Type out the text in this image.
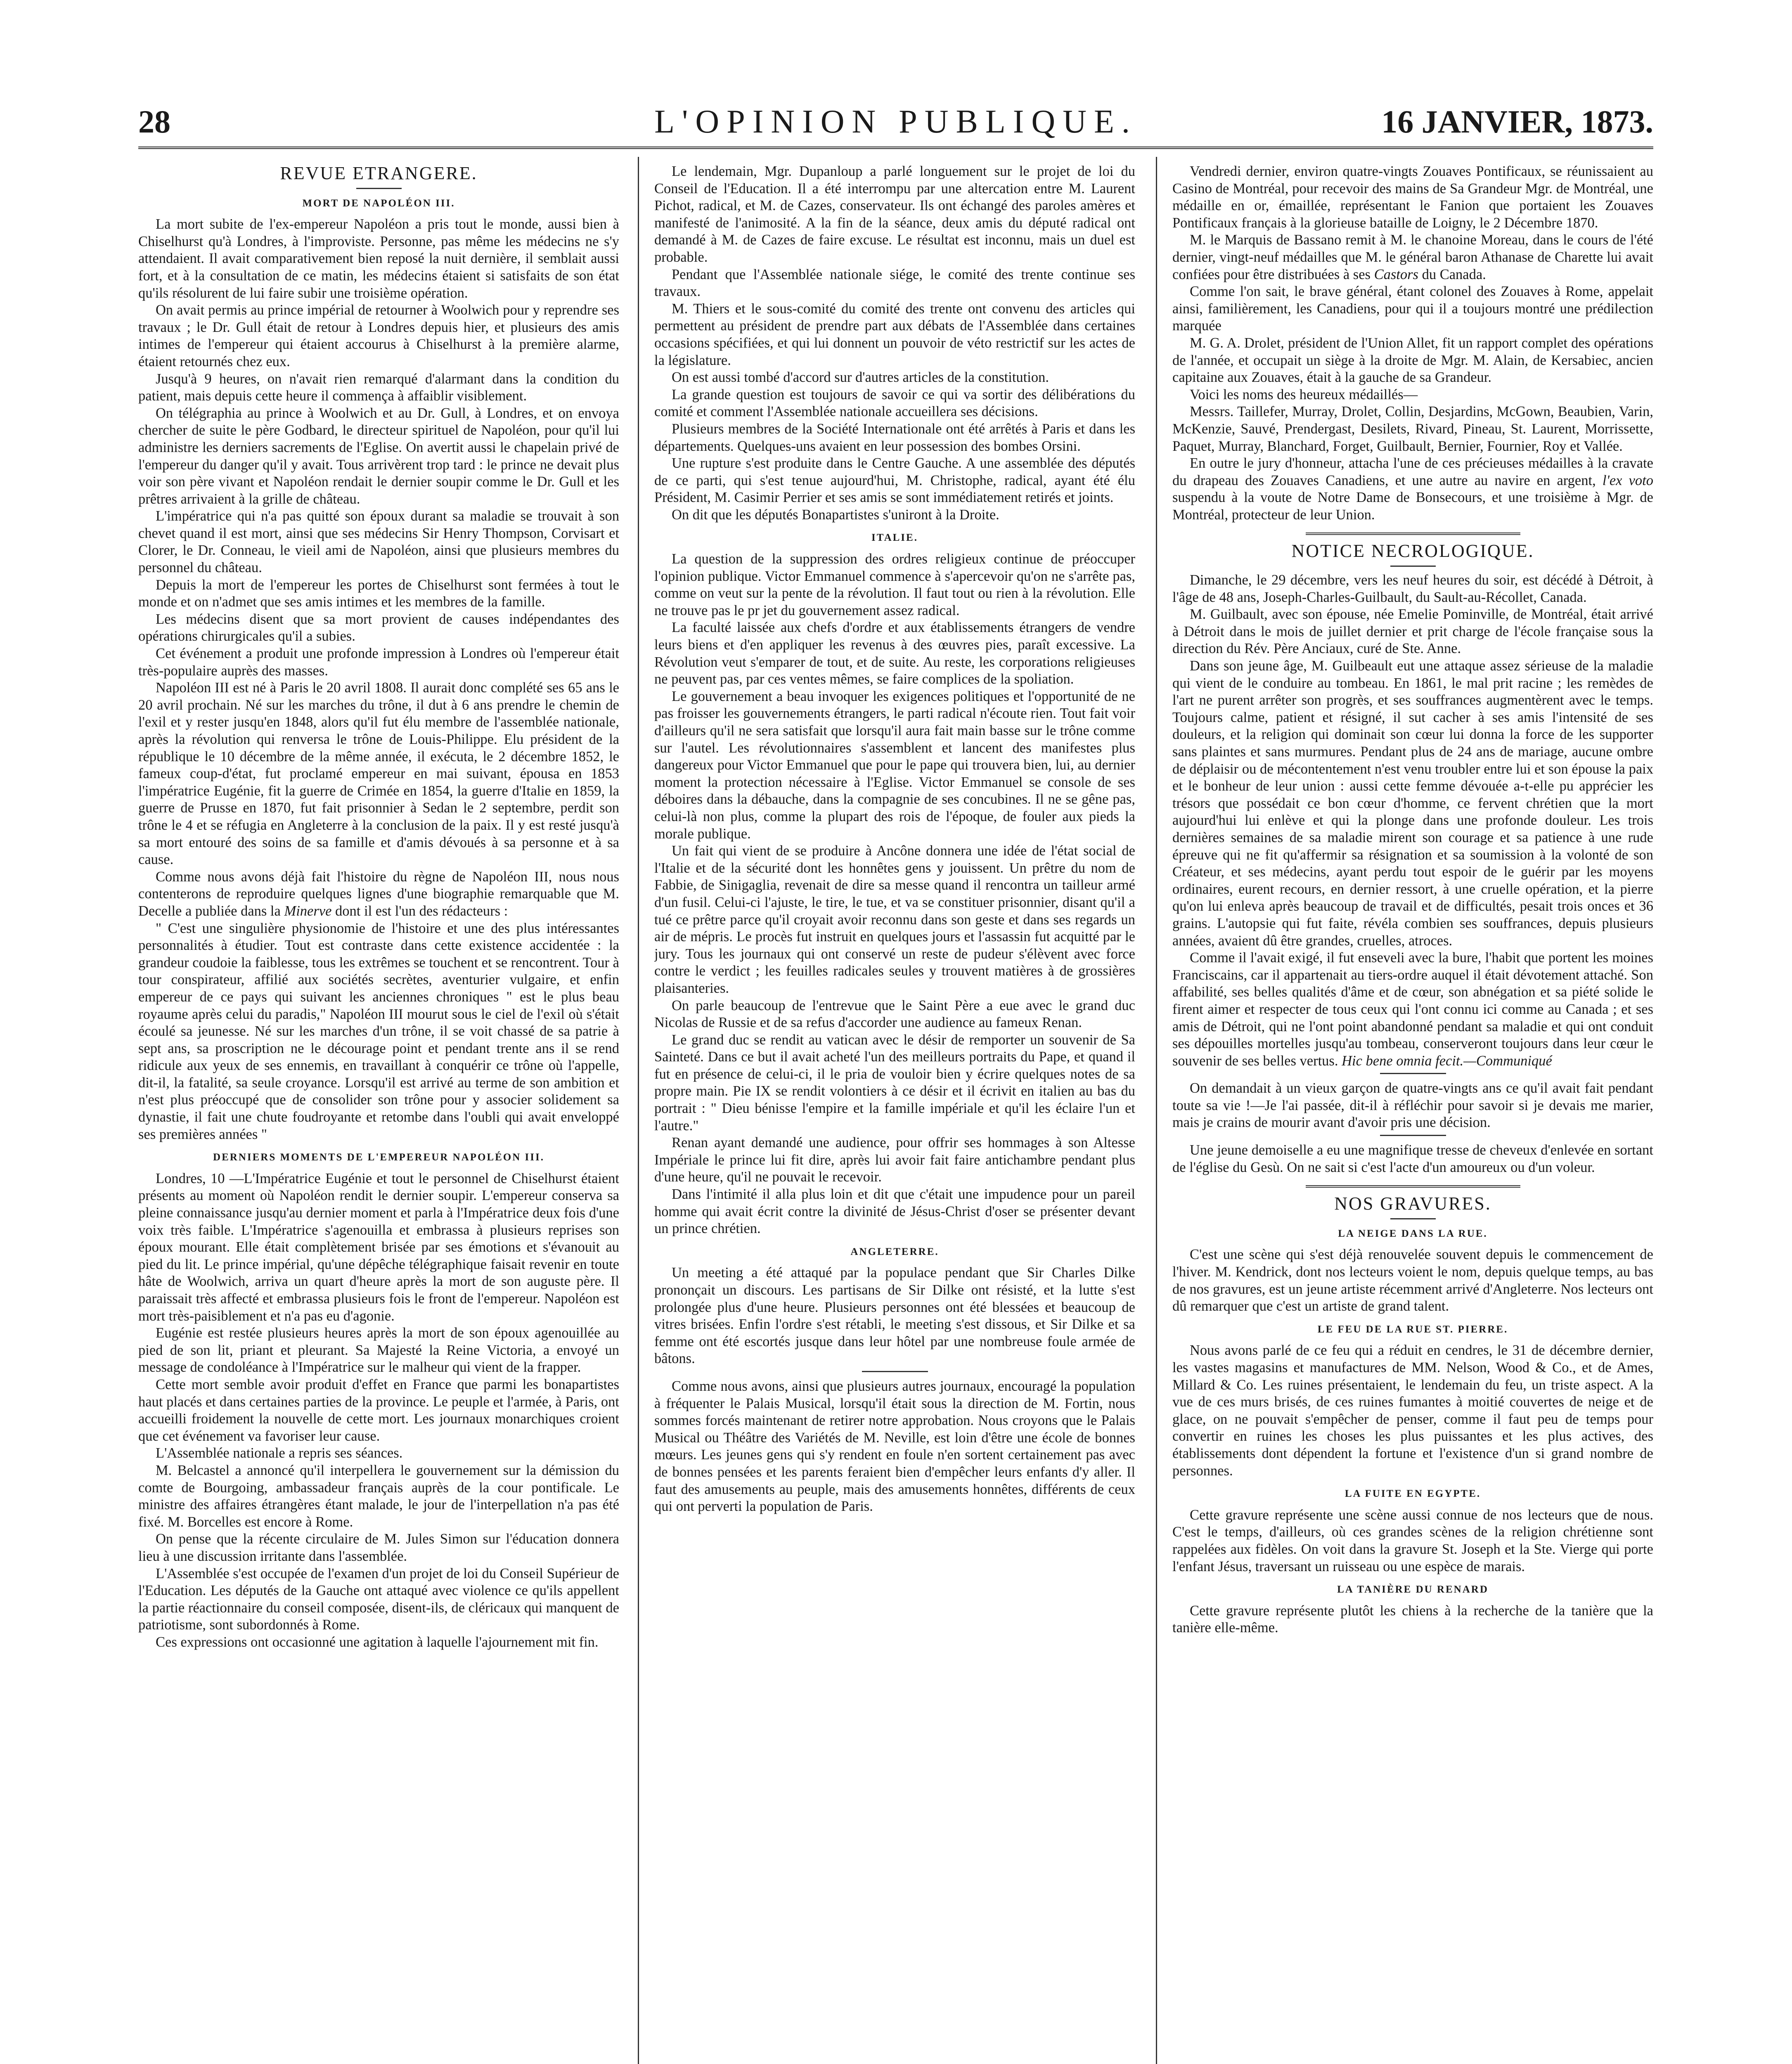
28	L'OPINION PUBLIQUE.	16 JANVIER, 1873.
REVUE ETRANGERE.
MORT DE NAPOLÉON III.

La mort subite de l'ex-empereur Napoléon a pris tout le monde, aussi bien à Chiselhurst qu'à Londres, à l'improviste. Personne, pas même les médecins ne s'y attendaient. Il avait comparativement bien reposé la nuit dernière, il semblait aussi fort, et à la consultation de ce matin, les médecins étaient si satisfaits de son état qu'ils résolurent de lui faire subir une troisième opération.

On avait permis au prince impérial de retourner à Woolwich pour y reprendre ses travaux ; le Dr. Gull était de retour à Londres depuis hier, et plusieurs des amis intimes de l'empereur qui étaient accourus à Chiselhurst à la première alarme, étaient retournés chez eux.

Jusqu'à 9 heures, on n'avait rien remarqué d'alarmant dans la condition du patient, mais depuis cette heure il commença à affaiblir visiblement.

On télégraphia au prince à Woolwich et au Dr. Gull, à Londres, et on envoya chercher de suite le père Godbard, le directeur spirituel de Napoléon, pour qu'il lui administre les derniers sacrements de l'Eglise. On avertit aussi le chapelain privé de l'empereur du danger qu'il y avait. Tous arrivèrent trop tard : le prince ne devait plus voir son père vivant et Napoléon rendait le dernier soupir comme le Dr. Gull et les prêtres arrivaient à la grille de château.

L'impératrice qui n'a pas quitté son époux durant sa maladie se trouvait à son chevet quand il est mort, ainsi que ses médecins Sir Henry Thompson, Corvisart et Clorer, le Dr. Conneau, le vieil ami de Napoléon, ainsi que plusieurs membres du personnel du château.

Depuis la mort de l'empereur les portes de Chiselhurst sont fermées à tout le monde et on n'admet que ses amis intimes et les membres de la famille.

Les médecins disent que sa mort provient de causes indépendantes des opérations chirurgicales qu'il a subies.

Cet événement a produit une profonde impression à Londres où l'empereur était très-populaire auprès des masses.

Napoléon III est né à Paris le 20 avril 1808. Il aurait donc complété ses 65 ans le 20 avril prochain. Né sur les marches du trône, il dut à 6 ans prendre le chemin de l'exil et y rester jusqu'en 1848, alors qu'il fut élu membre de l'assemblée nationale, après la révolution qui renversa le trône de Louis-Philippe. Elu président de la république le 10 décembre de la même année, il exécuta, le 2 décembre 1852, le fameux coup-d'état, fut proclamé empereur en mai suivant, épousa en 1853 l'impératrice Eugénie, fit la guerre de Crimée en 1854, la guerre d'Italie en 1859, la guerre de Prusse en 1870, fut fait prisonnier à Sedan le 2 septembre, perdit son trône le 4 et se réfugia en Angleterre à la conclusion de la paix. Il y est resté jusqu'à sa mort entouré des soins de sa famille et d'amis dévoués à sa personne et à sa cause.

Comme nous avons déjà fait l'histoire du règne de Napoléon III, nous nous contenterons de reproduire quelques lignes d'une biographie remarquable que M. Decelle a publiée dans la Minerve dont il est l'un des rédacteurs :

" C'est une singulière physionomie de l'histoire et une des plus intéressantes personnalités à étudier. Tout est contraste dans cette existence accidentée : la grandeur coudoie la faiblesse, tous les extrêmes se touchent et se rencontrent. Tour à tour conspirateur, affilié aux sociétés secrètes, aventurier vulgaire, et enfin empereur de ce pays qui suivant les anciennes chroniques " est le plus beau royaume après celui du paradis," Napoléon III mourut sous le ciel de l'exil où s'était écoulé sa jeunesse. Né sur les marches d'un trône, il se voit chassé de sa patrie à sept ans, sa proscription ne le décourage point et pendant trente ans il se rend ridicule aux yeux de ses ennemis, en travaillant à conquérir ce trône où l'appelle, dit-il, la fatalité, sa seule croyance. Lorsqu'il est arrivé au terme de son ambition et n'est plus préoccupé que de consolider son trône pour y associer solidement sa dynastie, il fait une chute foudroyante et retombe dans l'oubli qui avait enveloppé ses premières années "

DERNIERS MOMENTS DE L'EMPEREUR NAPOLÉON III.

Londres, 10 —L'Impératrice Eugénie et tout le personnel de Chiselhurst étaient présents au moment où Napoléon rendit le dernier soupir. L'empereur conserva sa pleine connaissance jusqu'au dernier moment et parla à l'Impératrice deux fois d'une voix très faible. L'Impératrice s'agenouilla et embrassa à plusieurs reprises son époux mourant. Elle était complètement brisée par ses émotions et s'évanouit au pied du lit. Le prince impérial, qu'une dépêche télégraphique faisait revenir en toute hâte de Woolwich, arriva un quart d'heure après la mort de son auguste père. Il paraissait très affecté et embrassa plusieurs fois le front de l'empereur. Napoléon est mort très-paisiblement et n'a pas eu d'agonie.

Eugénie est restée plusieurs heures après la mort de son époux agenouillée au pied de son lit, priant et pleurant. Sa Majesté la Reine Victoria, a envoyé un message de condoléance à l'Impératrice sur le malheur qui vient de la frapper.

Cette mort semble avoir produit d'effet en France que parmi les bonapartistes haut placés et dans certaines parties de la province. Le peuple et l'armée, à Paris, ont accueilli froidement la nouvelle de cette mort. Les journaux monarchiques croient que cet événement va favoriser leur cause.

L'Assemblée nationale a repris ses séances.

M. Belcastel a annoncé qu'il interpellera le gouvernement sur la démission du comte de Bourgoing, ambassadeur français auprès de la cour pontificale. Le ministre des affaires étrangères étant malade, le jour de l'interpellation n'a pas été fixé. M. Borcelles est encore à Rome.

On pense que la récente circulaire de M. Jules Simon sur l'éducation donnera lieu à une discussion irritante dans l'assemblée.

L'Assemblée s'est occupée de l'examen d'un projet de loi du Conseil Supérieur de l'Education. Les députés de la Gauche ont attaqué avec violence ce qu'ils appellent la partie réactionnaire du conseil composée, disent-ils, de cléricaux qui manquent de patriotisme, sont subordonnés à Rome.

Ces expressions ont occasionné une agitation à laquelle l'ajournement mit fin.

Le lendemain, Mgr. Dupanloup a parlé longuement sur le projet de loi du Conseil de l'Education. Il a été interrompu par une altercation entre M. Laurent Pichot, radical, et M. de Cazes, conservateur. Ils ont échangé des paroles amères et manifesté de l'animosité. A la fin de la séance, deux amis du député radical ont demandé à M. de Cazes de faire excuse. Le résultat est inconnu, mais un duel est probable.

Pendant que l'Assemblée nationale siége, le comité des trente continue ses travaux.

M. Thiers et le sous-comité du comité des trente ont convenu des articles qui permettent au président de prendre part aux débats de l'Assemblée dans certaines occasions spécifiées, et qui lui donnent un pouvoir de véto restrictif sur les actes de la législature.

On est aussi tombé d'accord sur d'autres articles de la constitution.

La grande question est toujours de savoir ce qui va sortir des délibérations du comité et comment l'Assemblée nationale accueillera ses décisions.

Plusieurs membres de la Société Internationale ont été arrêtés à Paris et dans les départements. Quelques-uns avaient en leur possession des bombes Orsini.

Une rupture s'est produite dans le Centre Gauche. A une assemblée des députés de ce parti, qui s'est tenue aujourd'hui, M. Christophe, radical, ayant été élu Président, M. Casimir Perrier et ses amis se sont immédiatement retirés et joints.

On dit que les députés Bonapartistes s'uniront à la Droite.

ITALIE.

La question de la suppression des ordres religieux continue de préoccuper l'opinion publique. Victor Emmanuel commence à s'apercevoir qu'on ne s'arrête pas, comme on veut sur la pente de la révolution. Il faut tout ou rien à la révolution. Elle ne trouve pas le pr jet du gouvernement assez radical.

La faculté laissée aux chefs d'ordre et aux établissements étrangers de vendre leurs biens et d'en appliquer les revenus à des œuvres pies, paraît excessive. La Révolution veut s'emparer de tout, et de suite. Au reste, les corporations religieuses ne peuvent pas, par ces ventes mêmes, se faire complices de la spoliation.

Le gouvernement a beau invoquer les exigences politiques et l'opportunité de ne pas froisser les gouvernements étrangers, le parti radical n'écoute rien. Tout fait voir d'ailleurs qu'il ne sera satisfait que lorsqu'il aura fait main basse sur le trône comme sur l'autel. Les révolutionnaires s'assemblent et lancent des manifestes plus dangereux pour Victor Emmanuel que pour le pape qui trouvera bien, lui, au dernier moment la protection nécessaire à l'Eglise. Victor Emmanuel se console de ses déboires dans la débauche, dans la compagnie de ses concubines. Il ne se gêne pas, celui-là non plus, comme la plupart des rois de l'époque, de fouler aux pieds la morale publique.

Un fait qui vient de se produire à Ancône donnera une idée de l'état social de l'Italie et de la sécurité dont les honnêtes gens y jouissent. Un prêtre du nom de Fabbie, de Sinigaglia, revenait de dire sa messe quand il rencontra un tailleur armé d'un fusil. Celui-ci l'ajuste, le tire, le tue, et va se constituer prisonnier, disant qu'il a tué ce prêtre parce qu'il croyait avoir reconnu dans son geste et dans ses regards un air de mépris. Le procès fut instruit en quelques jours et l'assassin fut acquitté par le jury. Tous les journaux qui ont conservé un reste de pudeur s'élèvent avec force contre le verdict ; les feuilles radicales seules y trouvent matières à de grossières plaisanteries.

On parle beaucoup de l'entrevue que le Saint Père a eue avec le grand duc Nicolas de Russie et de sa refus d'accorder une audience au fameux Renan.

Le grand duc se rendit au vatican avec le désir de remporter un souvenir de Sa Sainteté. Dans ce but il avait acheté l'un des meilleurs portraits du Pape, et quand il fut en présence de celui-ci, il le pria de vouloir bien y écrire quelques notes de sa propre main. Pie IX se rendit volontiers à ce désir et il écrivit en italien au bas du portrait : " Dieu bénisse l'empire et la famille impériale et qu'il les éclaire l'un et l'autre."

Renan ayant demandé une audience, pour offrir ses hommages à son Altesse Impériale le prince lui fit dire, après lui avoir fait faire antichambre pendant plus d'une heure, qu'il ne pouvait le recevoir.

Dans l'intimité il alla plus loin et dit que c'était une impudence pour un pareil homme qui avait écrit contre la divinité de Jésus-Christ d'oser se présenter devant un prince chrétien.

ANGLETERRE.

Un meeting a été attaqué par la populace pendant que Sir Charles Dilke prononçait un discours. Les partisans de Sir Dilke ont résisté, et la lutte s'est prolongée plus d'une heure. Plusieurs personnes ont été blessées et beaucoup de vitres brisées. Enfin l'ordre s'est rétabli, le meeting s'est dissous, et Sir Dilke et sa femme ont été escortés jusque dans leur hôtel par une nombreuse foule armée de bâtons.

Comme nous avons, ainsi que plusieurs autres journaux, encouragé la population à fréquenter le Palais Musical, lorsqu'il était sous la direction de M. Fortin, nous sommes forcés maintenant de retirer notre approbation. Nous croyons que le Palais Musical ou Théâtre des Variétés de M. Neville, est loin d'être une école de bonnes mœurs. Les jeunes gens qui s'y rendent en foule n'en sortent certainement pas avec de bonnes pensées et les parents feraient bien d'empêcher leurs enfants d'y aller. Il faut des amusements au peuple, mais des amusements honnêtes, différents de ceux qui ont perverti la population de Paris.

Vendredi dernier, environ quatre-vingts Zouaves Pontificaux, se réunissaient au Casino de Montréal, pour recevoir des mains de Sa Grandeur Mgr. de Montréal, une médaille en or, émaillée, représentant le Fanion que portaient les Zouaves Pontificaux français à la glorieuse bataille de Loigny, le 2 Décembre 1870.

M. le Marquis de Bassano remit à M. le chanoine Moreau, dans le cours de l'été dernier, vingt-neuf médailles que M. le général baron Athanase de Charette lui avait confiées pour être distribuées à ses Castors du Canada.

Comme l'on sait, le brave général, étant colonel des Zouaves à Rome, appelait ainsi, familièrement, les Canadiens, pour qui il a toujours montré une prédilection marquée

M. G. A. Drolet, président de l'Union Allet, fit un rapport complet des opérations de l'année, et occupait un siège à la droite de Mgr. M. Alain, de Kersabiec, ancien capitaine aux Zouaves, était à la gauche de sa Grandeur.

Voici les noms des heureux médaillés—

Messrs. Taillefer, Murray, Drolet, Collin, Desjardins, McGown, Beaubien, Varin, McKenzie, Sauvé, Prendergast, Desilets, Rivard, Pineau, St. Laurent, Morrissette, Paquet, Murray, Blanchard, Forget, Guilbault, Bernier, Fournier, Roy et Vallée.

En outre le jury d'honneur, attacha l'une de ces précieuses médailles à la cravate du drapeau des Zouaves Canadiens, et une autre au navire en argent, l'ex voto suspendu à la voute de Notre Dame de Bonsecours, et une troisième à Mgr. de Montréal, protecteur de leur Union.

NOTICE NECROLOGIQUE.

Dimanche, le 29 décembre, vers les neuf heures du soir, est décédé à Détroit, à l'âge de 48 ans, Joseph-Charles-Guilbault, du Sault-au-Récollet, Canada.

M. Guilbault, avec son épouse, née Emelie Pominville, de Montréal, était arrivé à Détroit dans le mois de juillet dernier et prit charge de l'école française sous la direction du Rév. Père Anciaux, curé de Ste. Anne.

Dans son jeune âge, M. Guilbeault eut une attaque assez sérieuse de la maladie qui vient de le conduire au tombeau. En 1861, le mal prit racine ; les remèdes de l'art ne purent arrêter son progrès, et ses souffrances augmentèrent avec le temps. Toujours calme, patient et résigné, il sut cacher à ses amis l'intensité de ses douleurs, et la religion qui dominait son cœur lui donna la force de les supporter sans plaintes et sans murmures. Pendant plus de 24 ans de mariage, aucune ombre de déplaisir ou de mécontentement n'est venu troubler entre lui et son épouse la paix et le bonheur de leur union : aussi cette femme dévouée a-t-elle pu apprécier les trésors que possédait ce bon cœur d'homme, ce fervent chrétien que la mort aujourd'hui lui enlève et qui la plonge dans une profonde douleur. Les trois dernières semaines de sa maladie mirent son courage et sa patience à une rude épreuve qui ne fit qu'affermir sa résignation et sa soumission à la volonté de son Créateur, et ses médecins, ayant perdu tout espoir de le guérir par les moyens ordinaires, eurent recours, en dernier ressort, à une cruelle opération, et la pierre qu'on lui enleva après beaucoup de travail et de difficultés, pesait trois onces et 36 grains. L'autopsie qui fut faite, révéla combien ses souffrances, depuis plusieurs années, avaient dû être grandes, cruelles, atroces.

Comme il l'avait exigé, il fut enseveli avec la bure, l'habit que portent les moines Franciscains, car il appartenait au tiers-ordre auquel il était dévotement attaché. Son affabilité, ses belles qualités d'âme et de cœur, son abnégation et sa piété solide le firent aimer et respecter de tous ceux qui l'ont connu ici comme au Canada ; et ses amis de Détroit, qui ne l'ont point abandonné pendant sa maladie et qui ont conduit ses dépouilles mortelles jusqu'au tombeau, conserveront toujours dans leur cœur le souvenir de ses belles vertus. Hic bene omnia fecit.—Communiqué

On demandait à un vieux garçon de quatre-vingts ans ce qu'il avait fait pendant toute sa vie !—Je l'ai passée, dit-il à réfléchir pour savoir si je devais me marier, mais je crains de mourir avant d'avoir pris une décision.

Une jeune demoiselle a eu une magnifique tresse de cheveux d'enlevée en sortant de l'église du Gesù. On ne sait si c'est l'acte d'un amoureux ou d'un voleur.

NOS GRAVURES.
LA NEIGE DANS LA RUE.

C'est une scène qui s'est déjà renouvelée souvent depuis le commencement de l'hiver. M. Kendrick, dont nos lecteurs voient le nom, depuis quelque temps, au bas de nos gravures, est un jeune artiste récemment arrivé d'Angleterre. Nos lecteurs ont dû remarquer que c'est un artiste de grand talent.

LE FEU DE LA RUE ST. PIERRE.

Nous avons parlé de ce feu qui a réduit en cendres, le 31 de décembre dernier, les vastes magasins et manufactures de MM. Nelson, Wood & Co., et de Ames, Millard & Co. Les ruines présentaient, le lendemain du feu, un triste aspect. A la vue de ces murs brisés, de ces ruines fumantes à moitié couvertes de neige et de glace, on ne pouvait s'empêcher de penser, comme il faut peu de temps pour convertir en ruines les choses les plus puissantes et les plus actives, des établissements dont dépendent la fortune et l'existence d'un si grand nombre de personnes.

LA FUITE EN EGYPTE.

Cette gravure représente une scène aussi connue de nos lecteurs que de nous. C'est le temps, d'ailleurs, où ces grandes scènes de la religion chrétienne sont rappelées aux fidèles. On voit dans la gravure St. Joseph et la Ste. Vierge qui porte l'enfant Jésus, traversant un ruisseau ou une espèce de marais.

LA TANIÈRE DU RENARD

Cette gravure représente plutôt les chiens à la recherche de la tanière que la tanière elle-même.
